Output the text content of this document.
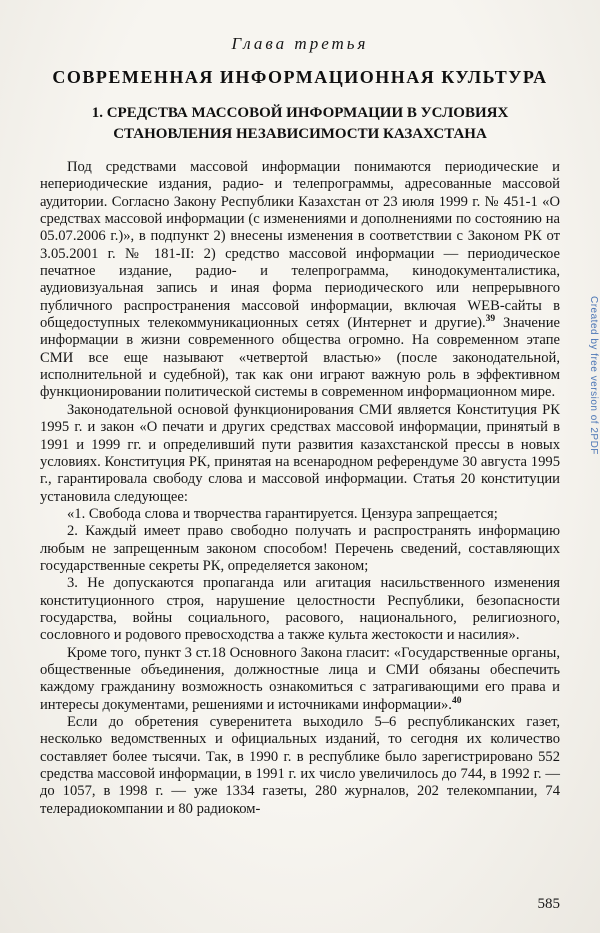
Глава третья
СОВРЕМЕННАЯ ИНФОРМАЦИОННАЯ КУЛЬТУРА
1. СРЕДСТВА МАССОВОЙ ИНФОРМАЦИИ В УСЛОВИЯХ
СТАНОВЛЕНИЯ НЕЗАВИСИМОСТИ КАЗАХСТАНА

Под средствами массовой информации понимаются периодические и непериодические издания, радио- и телепрограммы, адресованные массовой аудитории. Согласно Закону Республики Казахстан от 23 июля 1999 г. № 451-1 «О средствах массовой информации (с изменениями и дополнениями по состоянию на 05.07.2006 г.)», в подпункт 2) внесены изменения в соответствии с Законом РК от 3.05.2001 г. № 181-II: 2) средство массовой информации — периодическое печатное издание, радио- и телепрограмма, кинодокументалистика, аудиовизуальная запись и иная форма периодического или непрерывного публичного распространения массовой информации, включая WEB-сайты в общедоступных телекоммуникационных сетях (Интернет и другие).$^{39}$ Значение информации в жизни современного общества огромно. На современном этапе СМИ все еще называют «четвертой властью» (после законодательной, исполнительной и судебной), так как они играют важную роль в эффективном функционировании политической системы в современном информационном мире.

Законодательной основой функционирования СМИ является Конституция РК 1995 г. и закон «О печати и других средствах массовой информации, принятый в 1991 и 1999 гг. и определивший пути развития казахстанской прессы в новых условиях. Конституция РК, принятая на всенародном референдуме 30 августа 1995 г., гарантировала свободу слова и массовой информации. Статья 20 конституции установила следующее:

«1. Свобода слова и творчества гарантируется. Цензура запрещается;

2. Каждый имеет право свободно получать и распространять информацию любым не запрещенным законом способом! Перечень сведений, составляющих государственные секреты РК, определяется законом;

3. Не допускаются пропаганда или агитация насильственного изменения конституционного строя, нарушение целостности Республики, безопасности государства, войны социального, расового, национального, религиозного, сословного и родового превосходства а также культа жестокости и насилия».

Кроме того, пункт 3 ст.18 Основного Закона гласит: «Государственные органы, общественные объединения, должностные лица и СМИ обязаны обеспечить каждому гражданину возможность ознакомиться с затрагивающими его права и интересы документами, решениями и источниками информации».$^{40}$

Если до обретения суверенитета выходило 5–6 республиканских газет, несколько ведомственных и официальных изданий, то сегодня их количество составляет более тысячи. Так, в 1990 г. в республике было зарегистрировано 552 средства массовой информации, в 1991 г. их число увеличилось до 744, в 1992 г. — до 1057, в 1998 г. — уже 1334 газеты, 280 журналов, 202 телекомпании, 74 телерадиокомпании и 80 радиоком-

585
Created by free version of 2PDF
